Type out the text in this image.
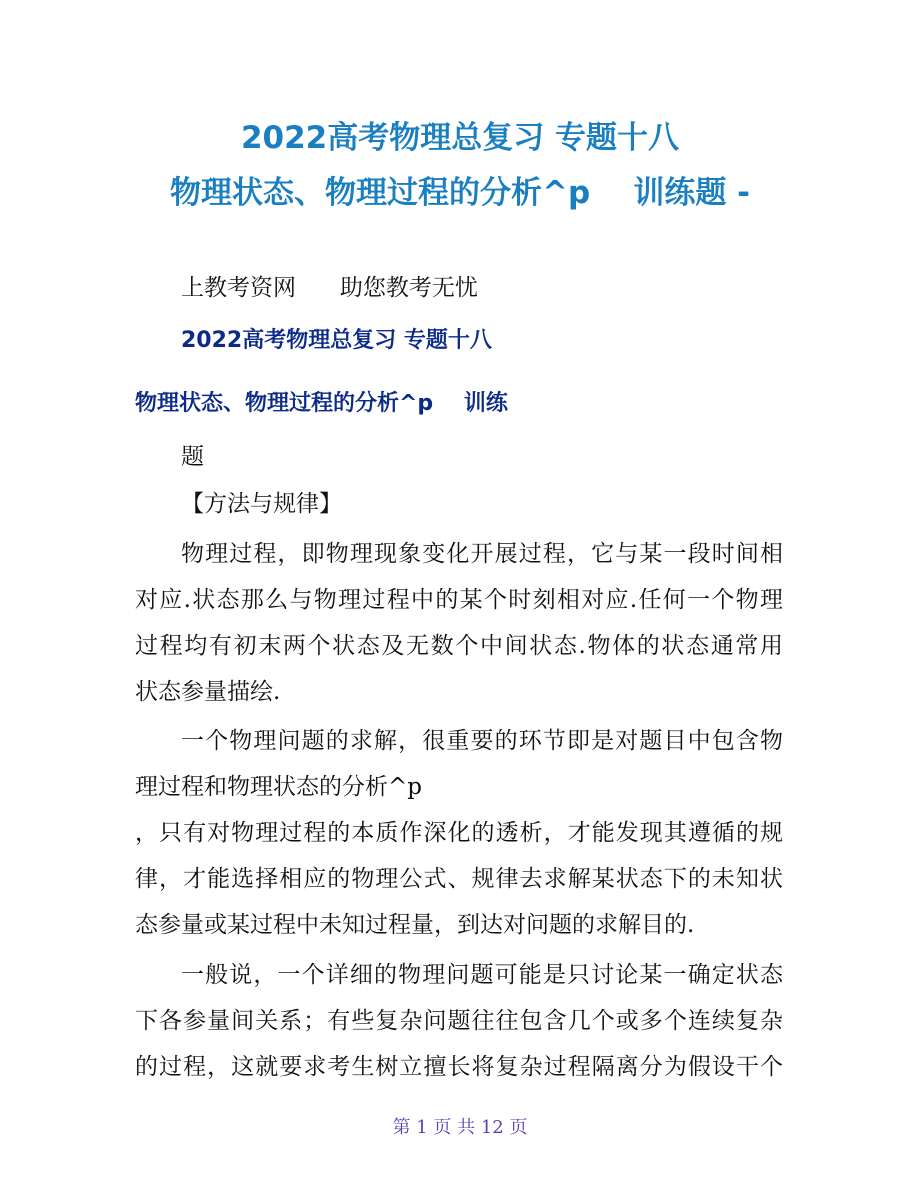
2022高考物理总复习 专题十八
物理状态、物理过程的分析^p    训练题 -
上教考资网      助您教考无忧
2022高考物理总复习 专题十八
物理状态、物理过程的分析^p    训练
题
【方法与规律】
物理过程，即物理现象变化开展过程，它与某一段时间相
对应.状态那么与物理过程中的某个时刻相对应.任何一个物理
过程均有初末两个状态及无数个中间状态.物体的状态通常用
状态参量描绘.
一个物理问题的求解，很重要的环节即是对题目中包含物
理过程和物理状态的分析^p
，只有对物理过程的本质作深化的透析，才能发现其遵循的规
律，才能选择相应的物理公式、规律去求解某状态下的未知状
态参量或某过程中未知过程量，到达对问题的求解目的.
一般说，一个详细的物理问题可能是只讨论某一确定状态
下各参量间关系；有些复杂问题往往包含几个或多个连续复杂
的过程，这就要求考生树立擅长将复杂过程隔离分为假设干个
第 1 页 共 12 页
